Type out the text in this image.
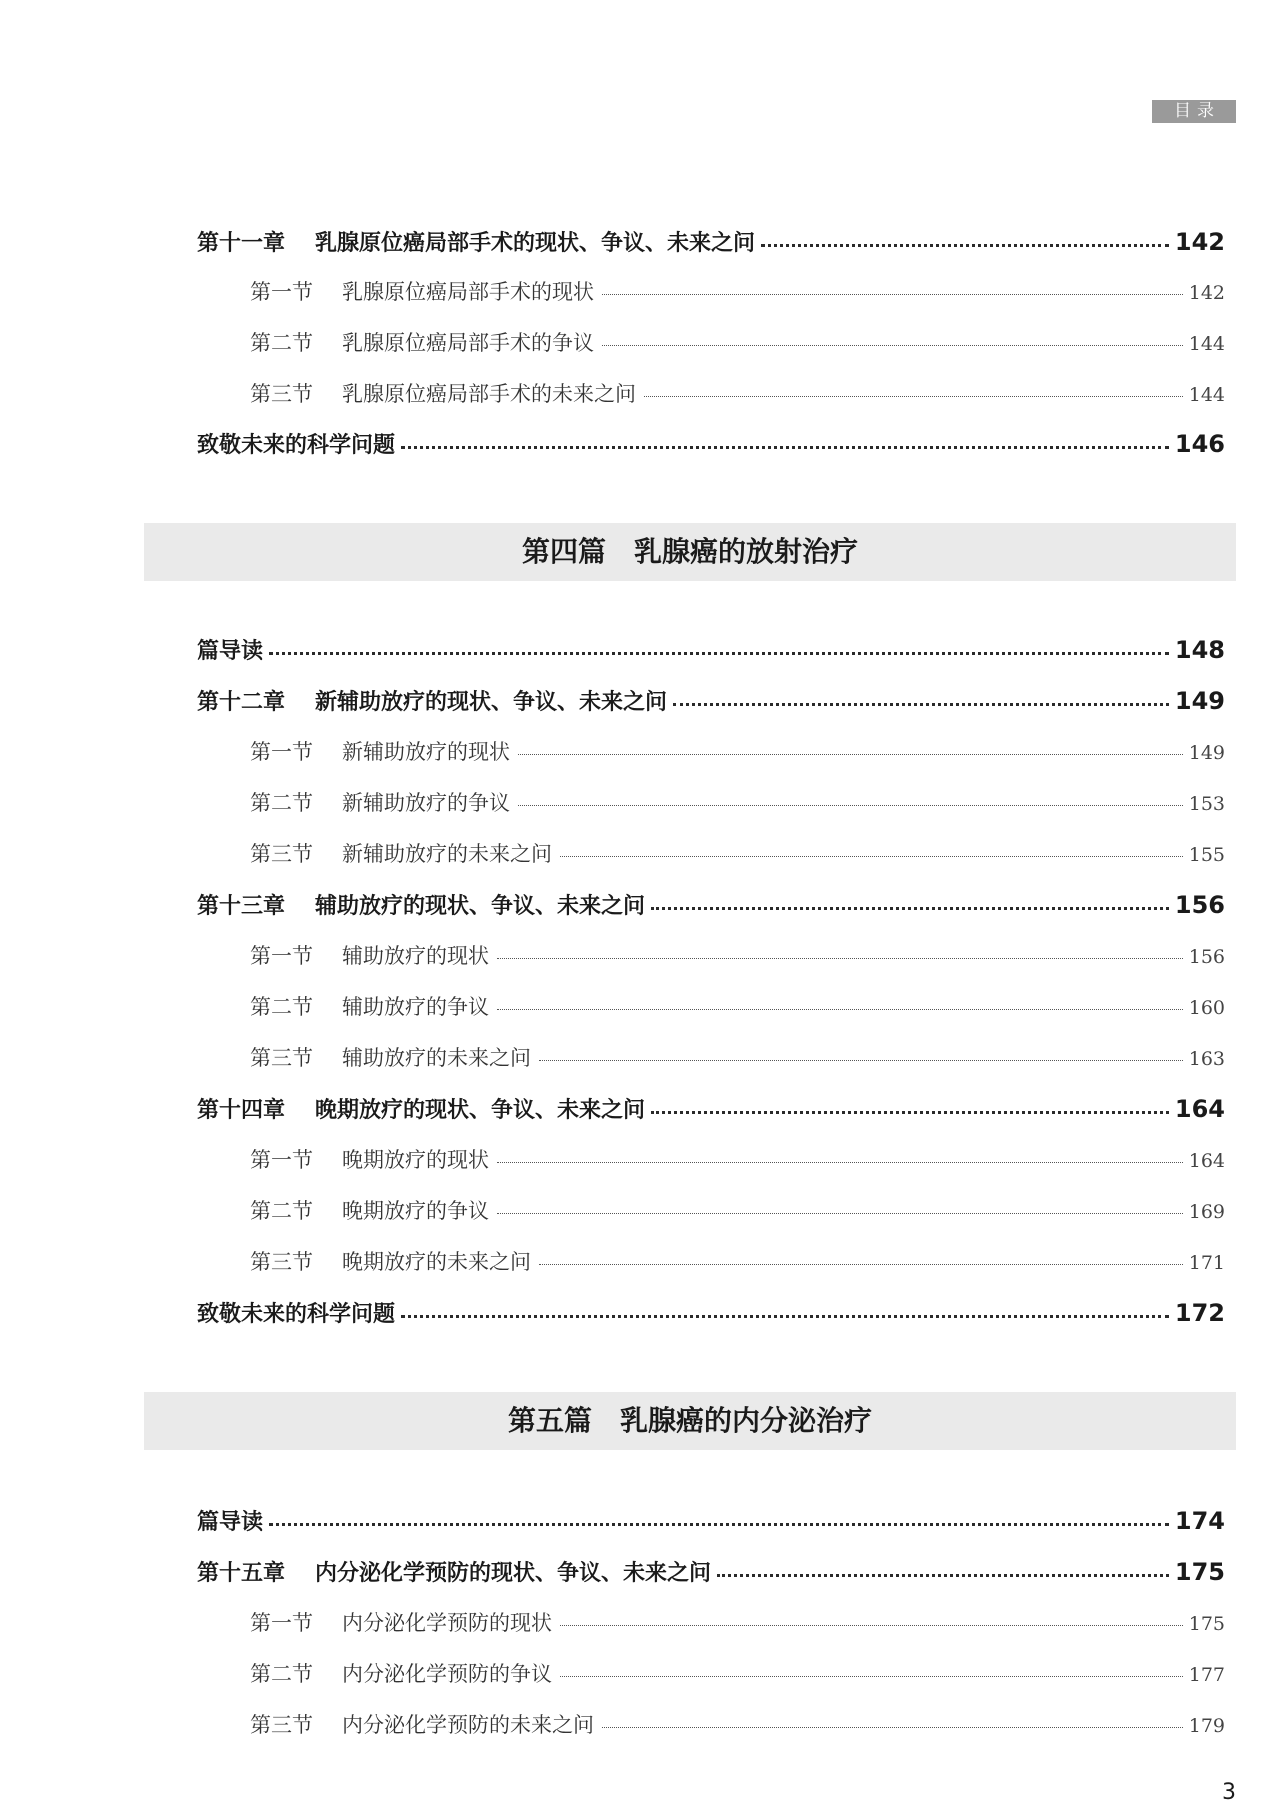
目录
第十一章	乳腺原位癌局部手术的现状、争议、未来之问	142
第一节	乳腺原位癌局部手术的现状	142
第二节	乳腺原位癌局部手术的争议	144
第三节	乳腺原位癌局部手术的未来之问	144
致敬未来的科学问题	146
第四篇 乳腺癌的放射治疗
篇导读	148
第十二章	新辅助放疗的现状、争议、未来之问	149
第一节	新辅助放疗的现状	149
第二节	新辅助放疗的争议	153
第三节	新辅助放疗的未来之问	155
第十三章	辅助放疗的现状、争议、未来之问	156
第一节	辅助放疗的现状	156
第二节	辅助放疗的争议	160
第三节	辅助放疗的未来之问	163
第十四章	晚期放疗的现状、争议、未来之问	164
第一节	晚期放疗的现状	164
第二节	晚期放疗的争议	169
第三节	晚期放疗的未来之问	171
致敬未来的科学问题	172
第五篇 乳腺癌的内分泌治疗
篇导读	174
第十五章	内分泌化学预防的现状、争议、未来之问	175
第一节	内分泌化学预防的现状	175
第二节	内分泌化学预防的争议	177
第三节	内分泌化学预防的未来之问	179
3
